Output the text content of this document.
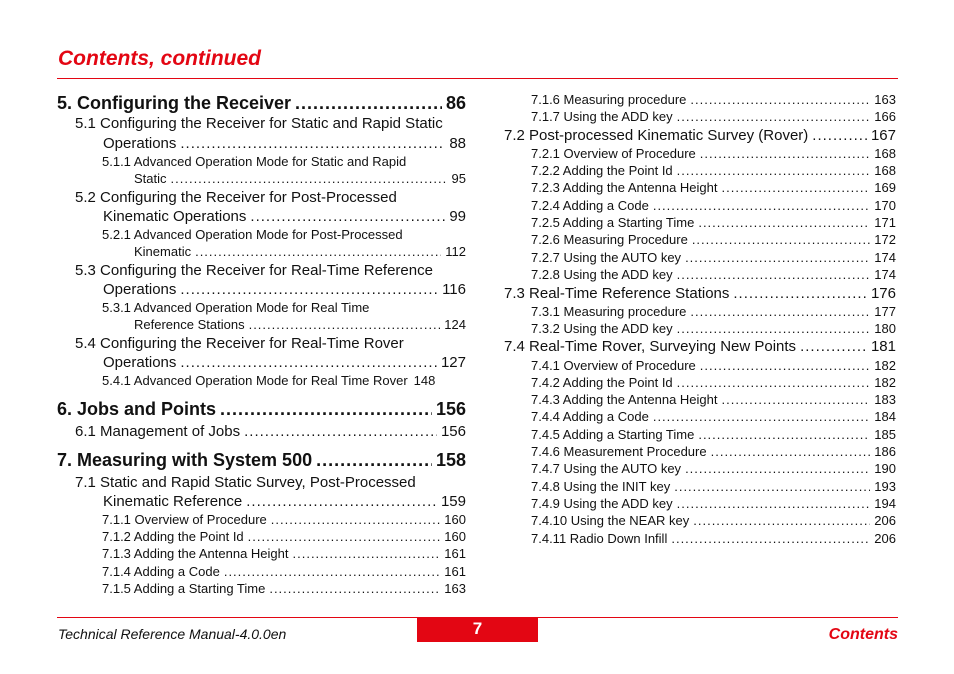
Contents, continued
5. Configuring the Receiver .....	86
5.1 Configuring the Receiver for Static and Rapid Static
Operations .....	88
5.1.1 Advanced Operation Mode for Static and Rapid
Static .....	95
5.2 Configuring the Receiver for Post-Processed
Kinematic Operations .....	99
5.2.1 Advanced Operation Mode for Post-Processed
Kinematic .....	112
5.3 Configuring the Receiver for Real-Time Reference
Operations .....	116
5.3.1 Advanced Operation Mode for Real Time
Reference Stations .....	124
5.4 Configuring the Receiver for Real-Time Rover
Operations .....	127
5.4.1 Advanced Operation Mode for Real Time Rover 148
6. Jobs and Points .....	156
6.1 Management of Jobs .....	156
7. Measuring with System 500 .....	158
7.1 Static and Rapid Static Survey, Post-Processed
Kinematic Reference .....	159
7.1.1 Overview of Procedure .....	160
7.1.2 Adding the Point Id .....	160
7.1.3 Adding the Antenna Height .....	161
7.1.4 Adding a Code .....	161
7.1.5 Adding a Starting Time .....	163
7.1.6 Measuring procedure .....	163
7.1.7 Using the ADD key .....	166
7.2 Post-processed Kinematic Survey (Rover) .....	167
7.2.1 Overview of Procedure .....	168
7.2.2 Adding the Point Id .....	168
7.2.3 Adding the Antenna Height .....	169
7.2.4 Adding a Code .....	170
7.2.5 Adding a Starting Time .....	171
7.2.6 Measuring Procedure .....	172
7.2.7 Using the AUTO key .....	174
7.2.8 Using the ADD key .....	174
7.3 Real-Time Reference Stations .....	176
7.3.1 Measuring procedure .....	177
7.3.2 Using the ADD key .....	180
7.4 Real-Time Rover, Surveying New Points .....	181
7.4.1 Overview of Procedure .....	182
7.4.2 Adding the Point Id .....	182
7.4.3 Adding the Antenna Height .....	183
7.4.4 Adding a Code .....	184
7.4.5 Adding a Starting Time .....	185
7.4.6 Measurement Procedure .....	186
7.4.7 Using the AUTO key .....	190
7.4.8 Using the INIT key .....	193
7.4.9 Using the ADD key .....	194
7.4.10 Using the NEAR key .....	206
7.4.11 Radio Down Infill .....	206
Technical Reference Manual-4.0.0en	7	Contents
